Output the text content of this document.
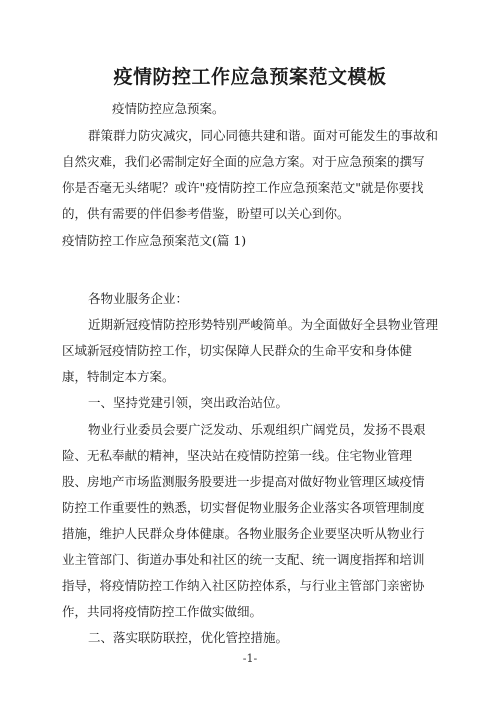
疫情防控工作应急预案范文模板

疫情防控应急预案。

群策群力防灾减灾，同心同德共建和谐。面对可能发生的事故和

自然灾难，我们必需制定好全面的应急方案。对于应急预案的撰写

你是否毫无头绪呢？或许"疫情防控工作应急预案范文"就是你要找

的，供有需要的伴侣参考借鉴，盼望可以关心到你。

疫情防控工作应急预案范文(篇 1)

各物业服务企业：

近期新冠疫情防控形势特别严峻简单。为全面做好全县物业管理

区域新冠疫情防控工作，切实保障人民群众的生命平安和身体健

康，特制定本方案。

一、坚持党建引领，突出政治站位。

物业行业委员会要广泛发动、乐观组织广阔党员，发扬不畏艰

险、无私奉献的精神，坚决站在疫情防控第一线。住宅物业管理

股、房地产市场监测服务股要进一步提高对做好物业管理区域疫情

防控工作重要性的熟悉，切实督促物业服务企业落实各项管理制度

措施，维护人民群众身体健康。各物业服务企业要坚决听从物业行

业主管部门、街道办事处和社区的统一支配、统一调度指挥和培训

指导，将疫情防控工作纳入社区防控体系，与行业主管部门亲密协

作，共同将疫情防控工作做实做细。

二、落实联防联控，优化管控措施。

-1-
